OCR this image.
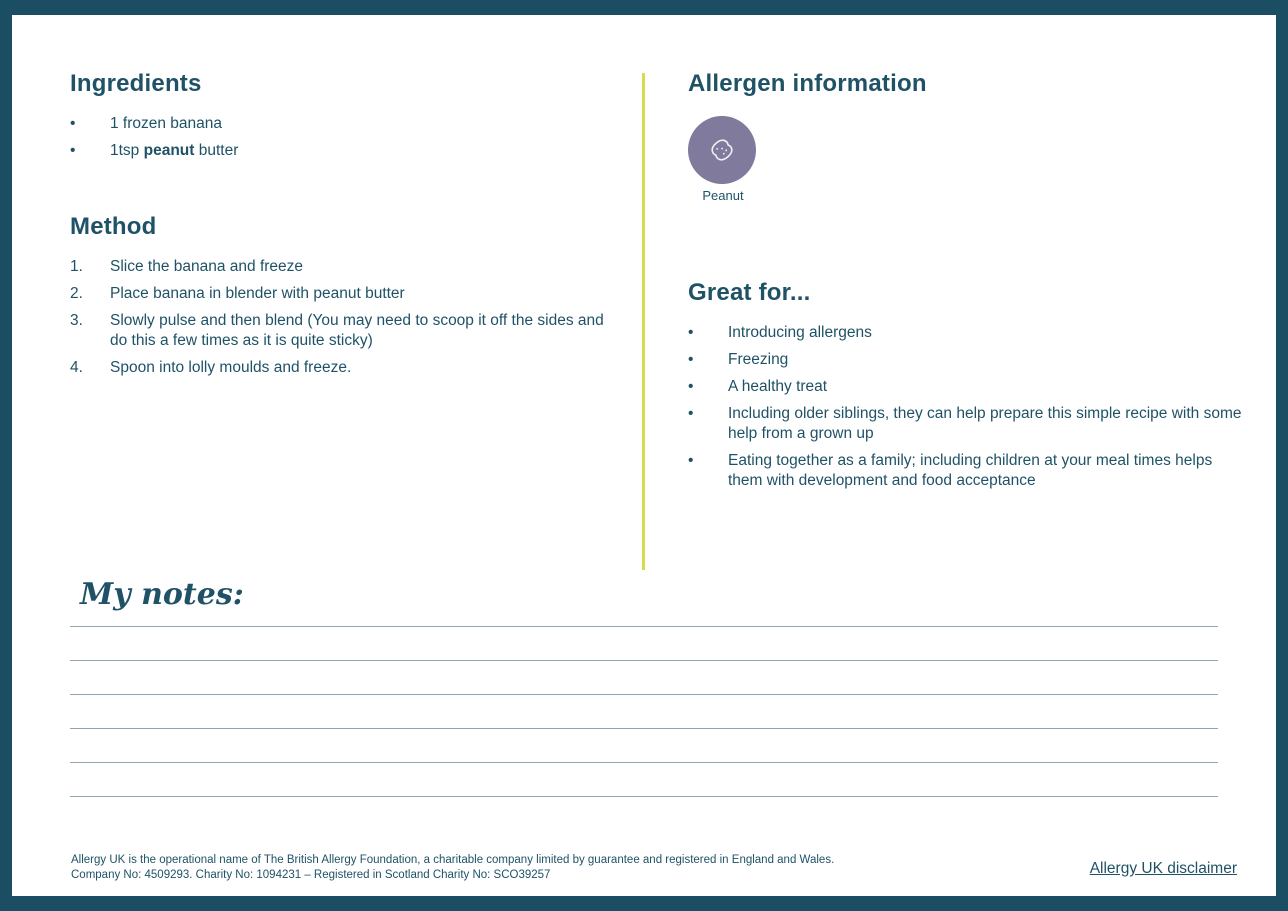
Ingredients
• 1 frozen banana
• 1tsp peanut butter
Method
1. Slice the banana and freeze
2. Place banana in blender with peanut butter
3. Slowly pulse and then blend (You may need to scoop it off the sides and do this a few times as it is quite sticky)
4. Spoon into lolly moulds and freeze.
Allergen information
Peanut
Great for...
• Introducing allergens
• Freezing
• A healthy treat
• Including older siblings, they can help prepare this simple recipe with some help from a grown up
• Eating together as a family; including children at your meal times helps them with development and food acceptance
My notes:
Allergy UK is the operational name of The British Allergy Foundation, a charitable company limited by guarantee and registered in England and Wales.
Company No: 4509293. Charity No: 1094231 – Registered in Scotland Charity No: SCO39257	Allergy UK disclaimer
